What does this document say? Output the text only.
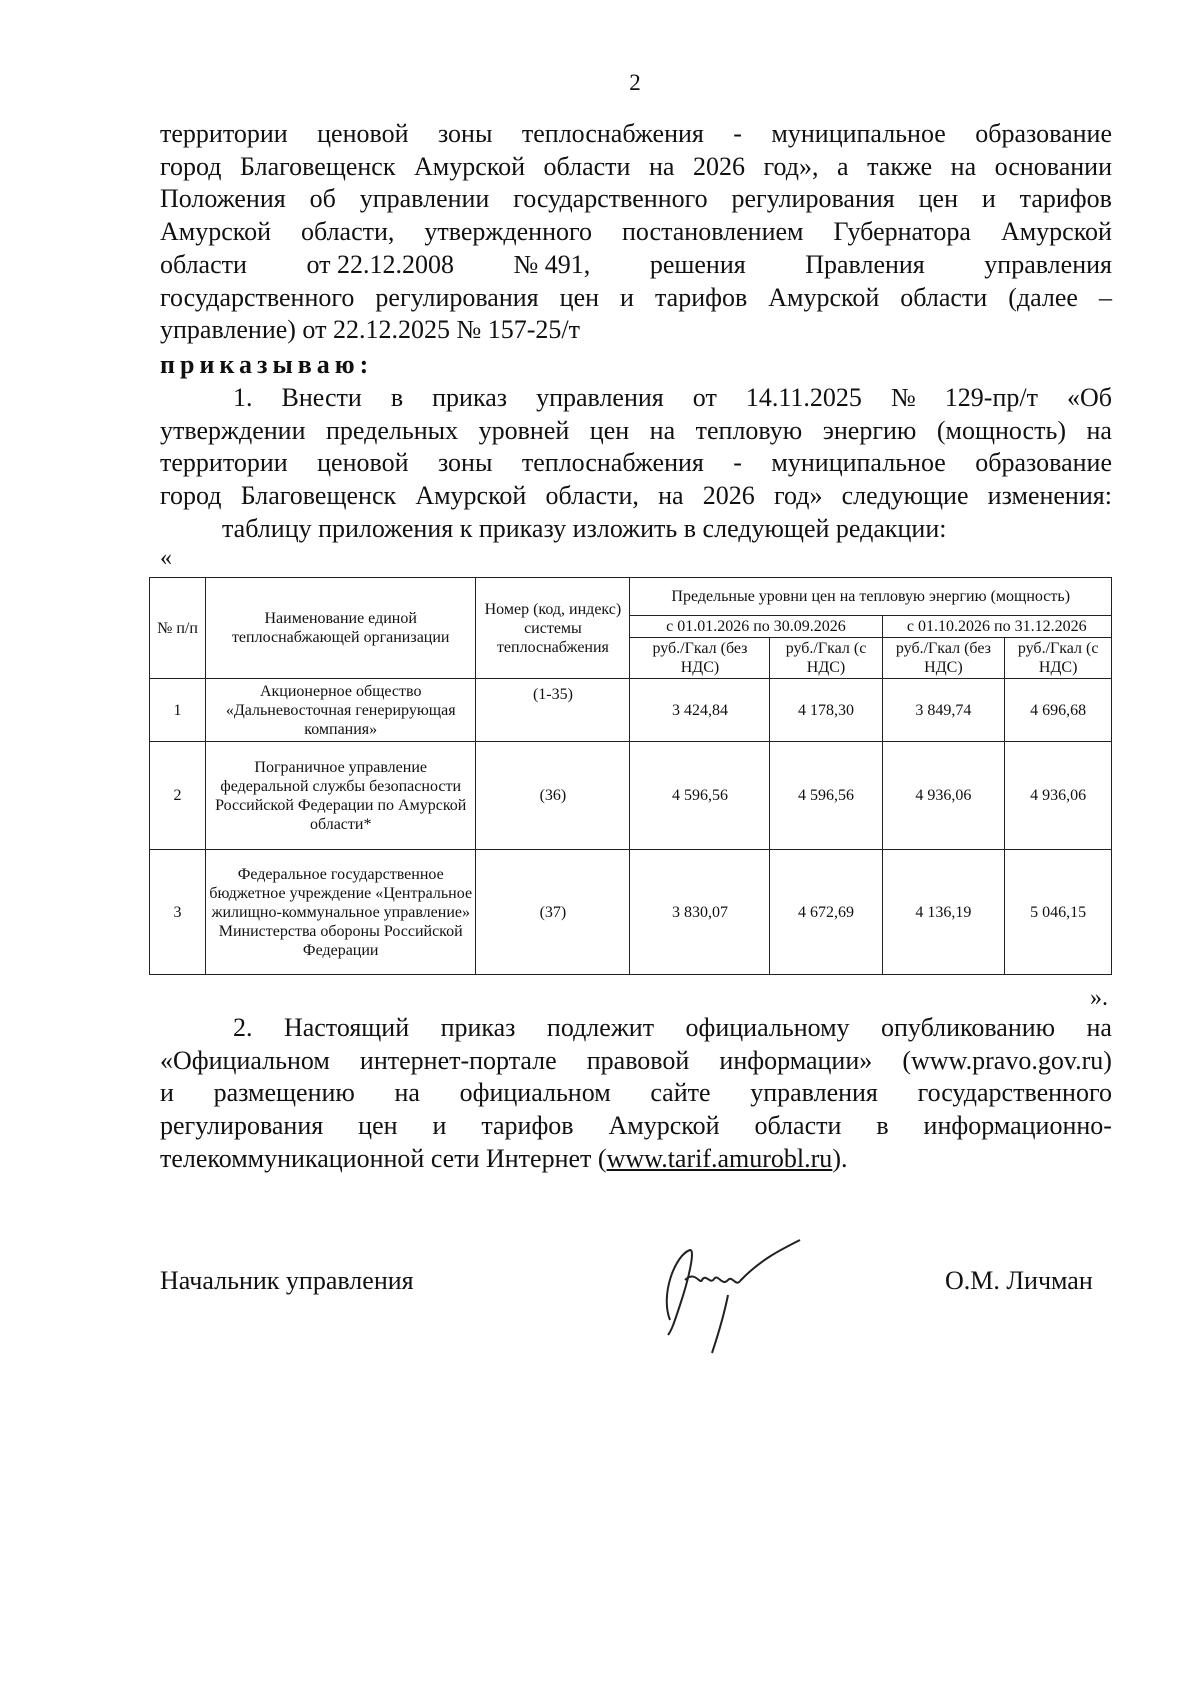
2
территории ценовой зоны теплоснабжения - муниципальное образование
город Благовещенск Амурской области на 2026 год», а также на основании
Положения об управлении государственного регулирования цен и тарифов
Амурской области, утвержденного постановлением Губернатора Амурской
области от 22.12.2008 № 491, решения Правления управления
государственного регулирования цен и тарифов Амурской области (далее –
управление) от 22.12.2025 № 157-25/т
приказываю:
1. Внести в приказ управления от 14.11.2025 № 129-пр/т «Об
утверждении предельных уровней цен на тепловую энергию (мощность) на
территории ценовой зоны теплоснабжения - муниципальное образование
город Благовещенск Амурской области, на 2026 год» следующие изменения:
таблицу приложения к приказу изложить в следующей редакции:
«
№ п/п	Наименование единой теплоснабжающей организации	Номер (код, индекс) системы теплоснабжения	Предельные уровни цен на тепловую энергию (мощность)			
			с 01.01.2026 по 30.09.2026		с 01.10.2026 по 31.12.2026	
			руб./Гкал (без НДС)	руб./Гкал (с НДС)	руб./Гкал (без НДС)	руб./Гкал (с НДС)
1	Акционерное общество «Дальневосточная генерирующая компания»	(1-35)	3 424,84	4 178,30	3 849,74	4 696,68
2	Пограничное управление федеральной службы безопасности Российской Федерации по Амурской области*	(36)	4 596,56	4 596,56	4 936,06	4 936,06
3	Федеральное государственное бюджетное учреждение «Центральное жилищно-коммунальное управление» Министерства обороны Российской Федерации	(37)	3 830,07	4 672,69	4 136,19	5 046,15
».
2. Настоящий приказ подлежит официальному опубликованию на
«Официальном интернет-портале правовой информации» (www.pravo.gov.ru)
и размещению на официальном сайте управления государственного
регулирования цен и тарифов Амурской области в информационно-
телекоммуникационной сети Интернет (www.tarif.amurobl.ru).
Начальник управления	О.М. Личман
